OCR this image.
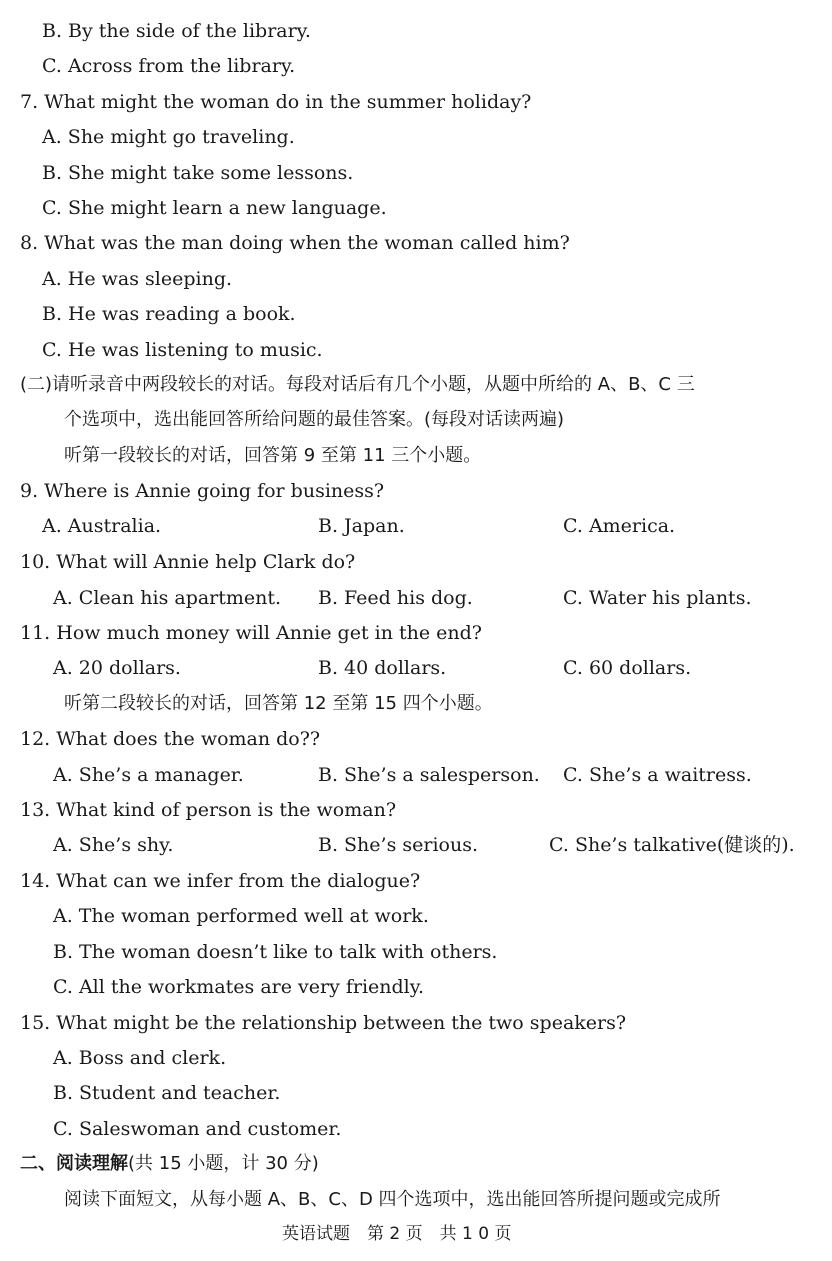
B. By the side of the library.
C. Across from the library.
7. What might the woman do in the summer holiday?
A. She might go traveling.
B. She might take some lessons.
C. She might learn a new language.
8. What was the man doing when the woman called him?
A. He was sleeping.
B. He was reading a book.
C. He was listening to music.
(二)请听录音中两段较长的对话。每段对话后有几个小题，从题中所给的 A、B、C 三
个选项中，选出能回答所给问题的最佳答案。(每段对话读两遍)
听第一段较长的对话，回答第 9 至第 11 三个小题。
9. Where is Annie going for business?
A. Australia.	B. Japan.	C. America.
10. What will Annie help Clark do?
A. Clean his apartment. B. Feed his dog.	C. Water his plants.
11. How much money will Annie get in the end?
A. 20 dollars.	B. 40 dollars.	C. 60 dollars.
听第二段较长的对话，回答第 12 至第 15 四个小题。
12. What does the woman do??
A. She’s a manager.	B. She’s a salesperson. C. She’s a waitress.
13. What kind of person is the woman?
A. She’s shy.	B. She’s serious.	C. She’s talkative(健谈的).
14. What can we infer from the dialogue?
A. The woman performed well at work.
B. The woman doesn’t like to talk with others.
C. All the workmates are very friendly.
15. What might be the relationship between the two speakers?
A. Boss and clerk.
B. Student and teacher.
C. Saleswoman and customer.
二、阅读理解(共 15 小题，计 30 分)
阅读下面短文，从每小题 A、B、C、D 四个选项中，选出能回答所提问题或完成所
英语试题　第 2 页　共 1 0 页
